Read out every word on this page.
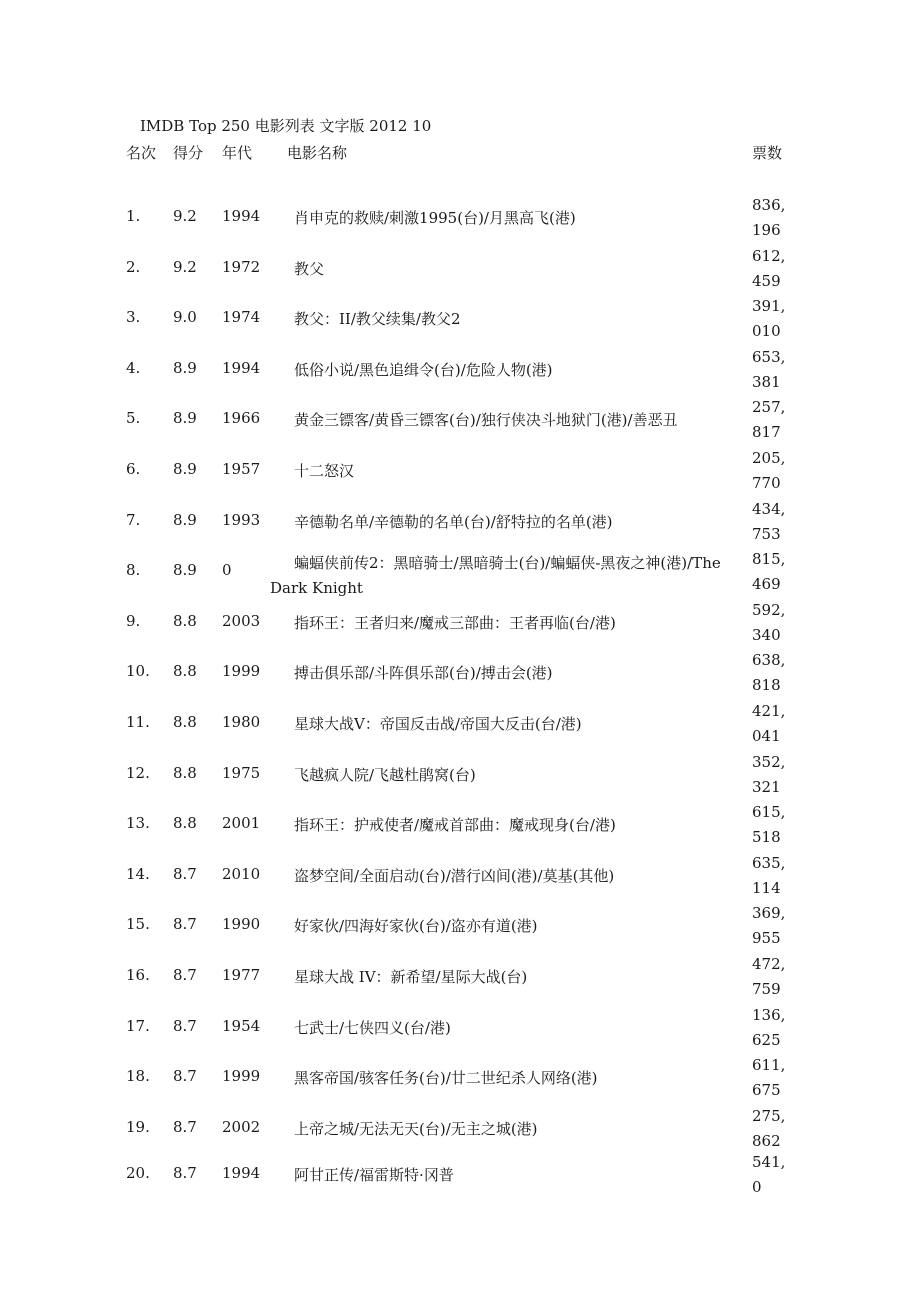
IMDB Top 250 电影列表 文字版 2012 10
名次 得分 年代 电影名称	票数
1. 9.2 1994 肖申克的救赎/刺激1995(台)/月黑高飞(港)
836,196
2. 9.2 1972 教父
612,459
3. 9.0 1974 教父：II/教父续集/教父2
391,010
4. 8.9 1994 低俗小说/黑色追缉令(台)/危险人物(港)
653,381
5. 8.9 1966 黄金三镖客/黄昏三镖客(台)/独行侠决斗地狱门(港)/善恶丑
257,817
6. 8.9 1957 十二怒汉
205,770
7. 8.9 1993 辛德勒名单/辛德勒的名单(台)/舒特拉的名单(港)
434,753
8. 8.9 0	蝙蝠侠前传2：黑暗骑士/黑暗骑士(台)/蝙蝠侠-黑夜之神(港)/The Dark Knight
815,469
9. 8.8 2003 指环王：王者归来/魔戒三部曲：王者再临(台/港)
592,340
10. 8.8 1999 搏击俱乐部/斗阵俱乐部(台)/搏击会(港)
638,818
11. 8.8 1980 星球大战V：帝国反击战/帝国大反击(台/港)
421,041
12. 8.8 1975 飞越疯人院/飞越杜鹃窝(台)
352,321
13. 8.8 2001 指环王：护戒使者/魔戒首部曲：魔戒现身(台/港)
615,518
14. 8.7 2010 盗梦空间/全面启动(台)/潜行凶间(港)/莫基(其他)
635,114
15. 8.7 1990 好家伙/四海好家伙(台)/盗亦有道(港)
369,955
16. 8.7 1977 星球大战 IV：新希望/星际大战(台)
472,759
17. 8.7 1954 七武士/七侠四义(台/港)
136,625
18. 8.7 1999 黑客帝国/骇客任务(台)/廿二世纪杀人网络(港)
611,675
19. 8.7 2002 上帝之城/无法无天(台)/无主之城(港)
275,862
20. 8.7 1994 阿甘正传/福雷斯特·冈普
541,0
